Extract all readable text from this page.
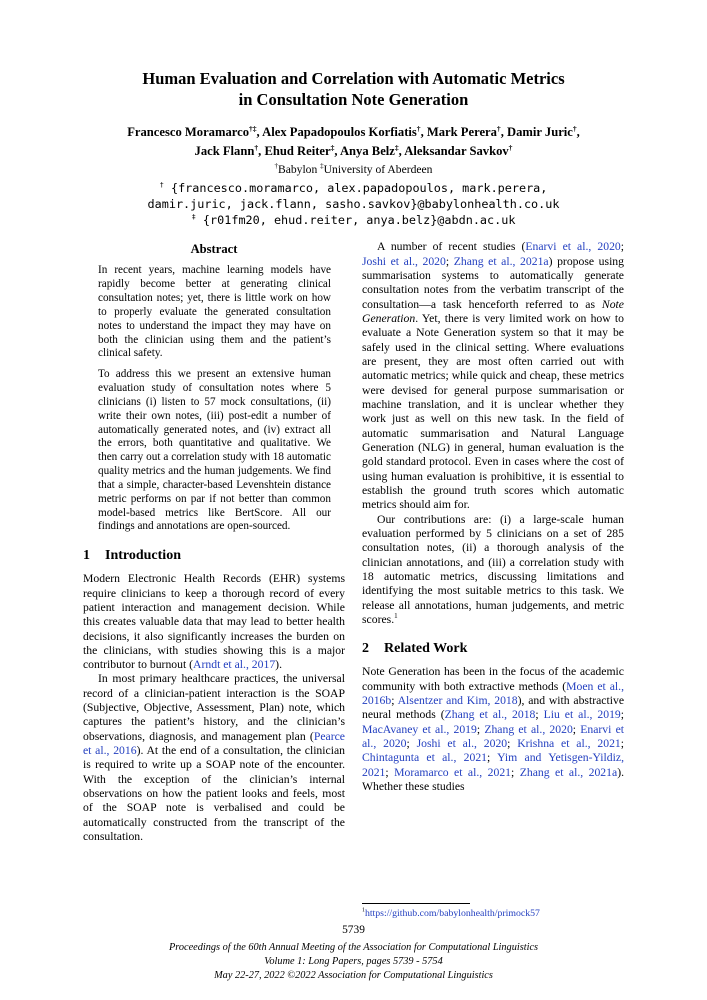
Human Evaluation and Correlation with Automatic Metrics
in Consultation Note Generation
Francesco Moramarco†‡, Alex Papadopoulos Korfiatis†, Mark Perera†, Damir Juric†,
Jack Flann†, Ehud Reiter‡, Anya Belz‡, Aleksandar Savkov†
†Babylon ‡University of Aberdeen
† {francesco.moramarco, alex.papadopoulos, mark.perera,
damir.juric, jack.flann, sasho.savkov}@babylonhealth.co.uk
‡ {r01fm20, ehud.reiter, anya.belz}@abdn.ac.uk
Abstract

In recent years, machine learning models have rapidly become better at generating clinical consultation notes; yet, there is little work on how to properly evaluate the generated consultation notes to understand the impact they may have on both the clinician using them and the patient’s clinical safety.

To address this we present an extensive human evaluation study of consultation notes where 5 clinicians (i) listen to 57 mock consultations, (ii) write their own notes, (iii) post-edit a number of automatically generated notes, and (iv) extract all the errors, both quantitative and qualitative. We then carry out a correlation study with 18 automatic quality metrics and the human judgements. We find that a simple, character-based Levenshtein distance metric performs on par if not better than common model-based metrics like BertScore. All our findings and annotations are open-sourced.

1 Introduction

Modern Electronic Health Records (EHR) systems require clinicians to keep a thorough record of every patient interaction and management decision. While this creates valuable data that may lead to better health decisions, it also significantly increases the burden on the clinicians, with studies showing this is a major contributor to burnout (Arndt et al., 2017).

In most primary healthcare practices, the universal record of a clinician-patient interaction is the SOAP (Subjective, Objective, Assessment, Plan) note, which captures the patient’s history, and the clinician’s observations, diagnosis, and management plan (Pearce et al., 2016). At the end of a consultation, the clinician is required to write up a SOAP note of the encounter. With the exception of the clinician’s internal observations on how the patient looks and feels, most of the SOAP note is verbalised and could be automatically constructed from the transcript of the consultation.

A number of recent studies (Enarvi et al., 2020; Joshi et al., 2020; Zhang et al., 2021a) propose using summarisation systems to automatically generate consultation notes from the verbatim transcript of the consultation—a task henceforth referred to as Note Generation. Yet, there is very limited work on how to evaluate a Note Generation system so that it may be safely used in the clinical setting. Where evaluations are present, they are most often carried out with automatic metrics; while quick and cheap, these metrics were devised for general purpose summarisation or machine translation, and it is unclear whether they work just as well on this new task. In the field of automatic summarisation and Natural Language Generation (NLG) in general, human evaluation is the gold standard protocol. Even in cases where the cost of using human evaluation is prohibitive, it is essential to establish the ground truth scores which automatic metrics should aim for.

Our contributions are: (i) a large-scale human evaluation performed by 5 clinicians on a set of 285 consultation notes, (ii) a thorough analysis of the clinician annotations, and (iii) a correlation study with 18 automatic metrics, discussing limitations and identifying the most suitable metrics to this task. We release all annotations, human judgements, and metric scores.$^1$

2 Related Work

Note Generation has been in the focus of the academic community with both extractive methods (Moen et al., 2016b; Alsentzer and Kim, 2018), and with abstractive neural methods (Zhang et al., 2018; Liu et al., 2019; MacAvaney et al., 2019; Zhang et al., 2020; Enarvi et al., 2020; Joshi et al., 2020; Krishna et al., 2021; Chintagunta et al., 2021; Yim and Yetisgen-Yildiz, 2021; Moramarco et al., 2021; Zhang et al., 2021a). Whether these studies

$^1$https://github.com/babylonhealth/primock57

5739
Proceedings of the 60th Annual Meeting of the Association for Computational Linguistics
Volume 1: Long Papers, pages 5739 - 5754
May 22-27, 2022 ©2022 Association for Computational Linguistics
